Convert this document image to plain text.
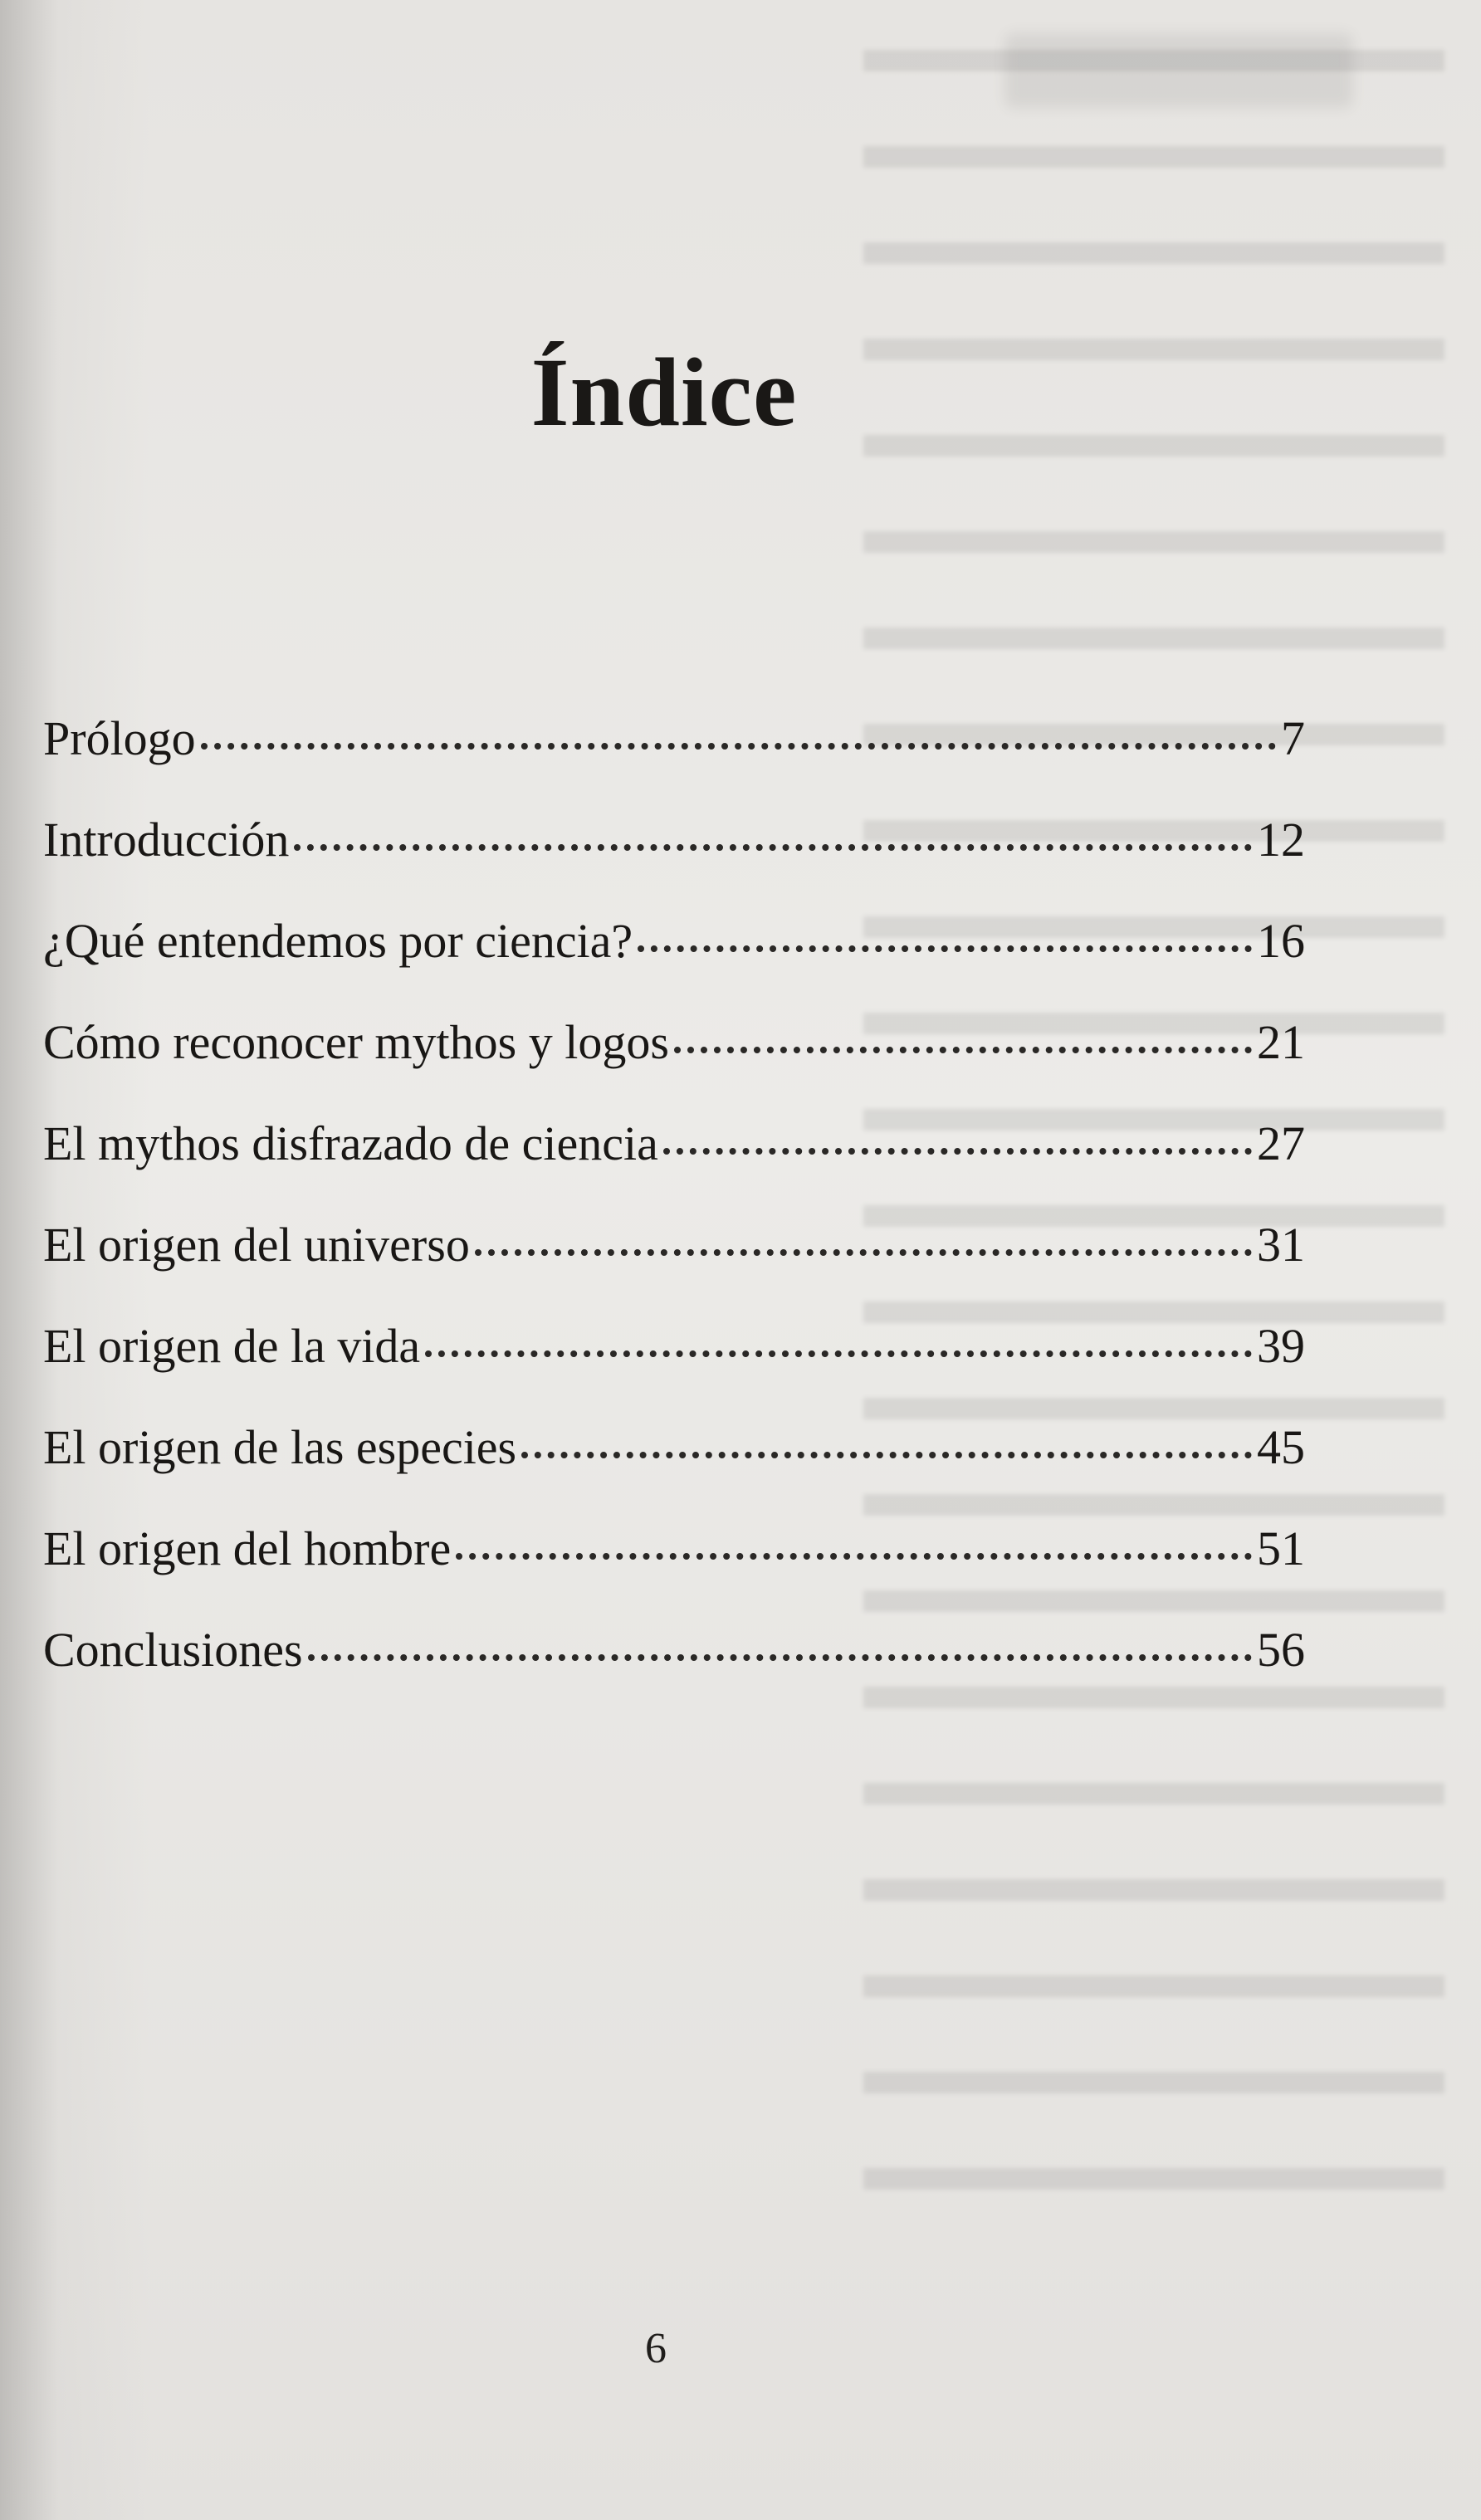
Índice
Prólogo	7
Introducción	12
¿Qué entendemos por ciencia?	16
Cómo reconocer mythos y logos	21
El mythos disfrazado de ciencia	27
El origen del universo	31
El origen de la vida	39
El origen de las especies	45
El origen del hombre	51
Conclusiones	56
6
